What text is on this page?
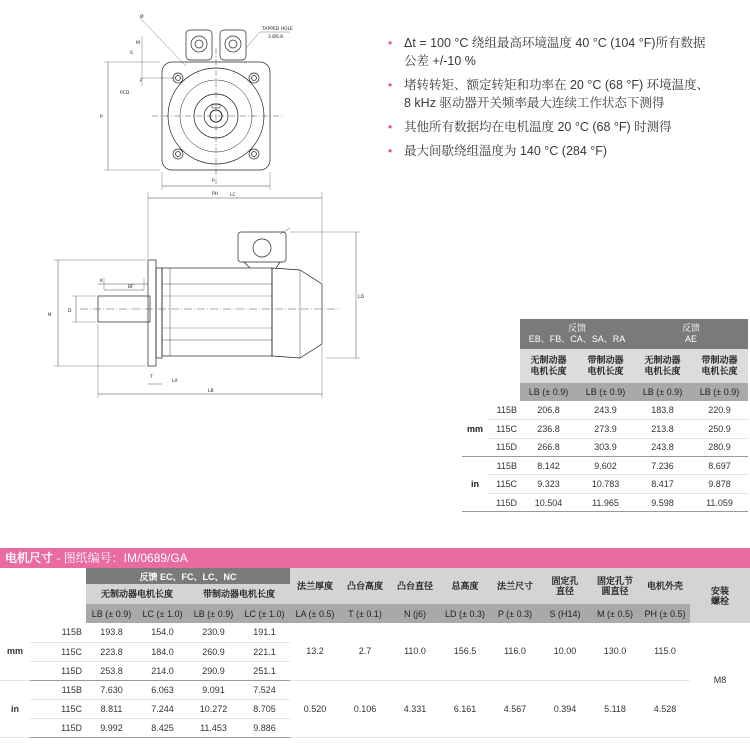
Ø
M
S
F
PCD
P
P
PH
TAPPED HOLE
3 Ø0.8
LC
LB
LA
T
LD
K
BF
N
D
• Δt = 100 °C 绕组最高环境温度 40 °C (104 °F)所有数据公差 +/-10 %
• 堵转转矩、额定转矩和功率在 20 °C (68 °F) 环境温度、8 kHz 驱动器开关频率最大连续工作状态下测得
• 其他所有数据均在电机温度 20 °C (68 °F) 时测得
• 最大间歇绕组温度为 140 °C (284 °F)
		反馈
EB、FB、CA、SA、RA		反馈
AE	
		无制动器
电机长度	带制动器
电机长度	无制动器
电机长度	带制动器
电机长度
		LB (± 0.9)	LB (± 0.9)	LB (± 0.9)	LB (± 0.9)
mm	115B	206.8	243.9	183.8	220.9
	115C	236.8	273.9	213.8	250.9
	115D	266.8	303.9	243.8	280.9
in	115B	8.142	9.602	7.236	8.697
	115C	9.323	10.783	8.417	9.878
	115D	10.504	11.965	9.598	11.059
电机尺寸 - 图纸编号：IM/0689/GA
		反馈 EC、FC、LC、NC				法兰厚度	凸台高度	凸台直径	总高度	法兰尺寸	固定孔
直径	固定孔节
圆直径	电机外壳	安装
螺栓
		无制动器电机长度		带制动器电机长度										
		LB (± 0.9)	LC (± 1.0)	LB (± 0.9)	LC (± 1.0)	LA (± 0.5)	T (± 0.1)	N (j6)	LD (± 0.3)	P (± 0.3)	S (H14)	M (± 0.5)	PH (± 0.5)	
mm	115B	193.8	154.0	230.9	191.1	13.2	2.7	110.0	156.5	116.0	10.00	130.0	115.0	M8
	115C	223.8	184.0	260.9	221.1									
	115D	253.8	214.0	290.9	251.1									
in	115B	7.630	6.063	9.091	7.524	0.520	0.106	4.331	6.161	4.567	0.394	5.118	4.528	
	115C	8.811	7.244	10.272	8.705									
	115D	9.992	8.425	11.453	9.886									
